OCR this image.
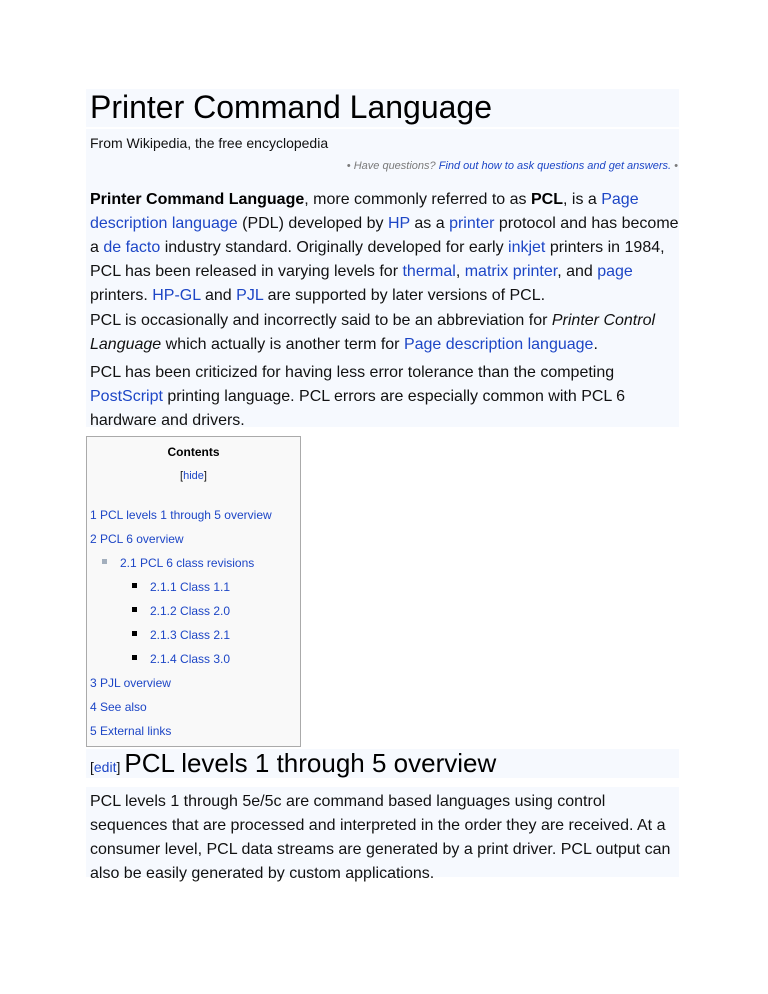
Printer Command Language
From Wikipedia, the free encyclopedia
• Have questions? Find out how to ask questions and get answers. •

Printer Command Language, more commonly referred to as PCL, is a Page description language (PDL) developed by HP as a printer protocol and has become a de facto industry standard. Originally developed for early inkjet printers in 1984, PCL has been released in varying levels for thermal, matrix printer, and page printers. HP-GL and PJL are supported by later versions of PCL.

PCL is occasionally and incorrectly said to be an abbreviation for Printer Control Language which actually is another term for Page description language.

PCL has been criticized for having less error tolerance than the competing PostScript printing language. PCL errors are especially common with PCL 6 hardware and drivers.

Contents
[hide]
1 PCL levels 1 through 5 overview
2 PCL 6 overview
2.1 PCL 6 class revisions
2.1.1 Class 1.1
2.1.2 Class 2.0
2.1.3 Class 2.1
2.1.4 Class 3.0
3 PJL overview
4 See also
5 External links
[edit] PCL levels 1 through 5 overview

PCL levels 1 through 5e/5c are command based languages using control sequences that are processed and interpreted in the order they are received. At a consumer level, PCL data streams are generated by a print driver. PCL output can also be easily generated by custom applications.
